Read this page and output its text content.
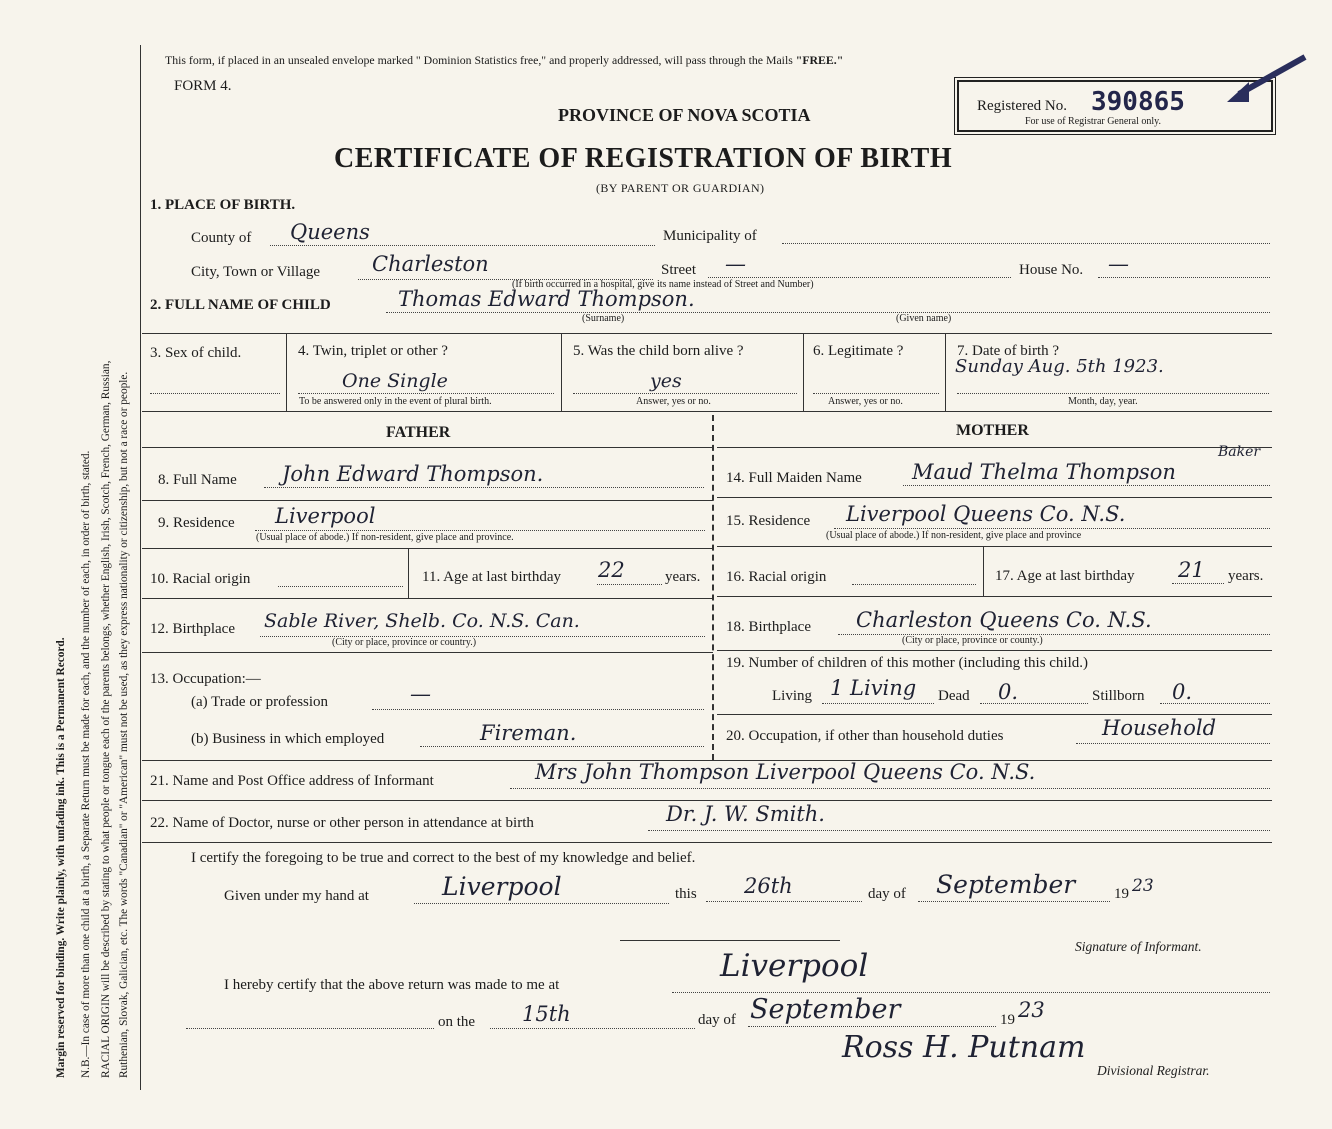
Margin reserved for binding. Write plainly, with unfading ink. This is a Permanent Record. N.B.—In case of more than one child at a birth, a Separate Return must be made for each, and the number of each, in order of birth, stated. RACIAL ORIGIN will be described by stating to what people or tongue each of the parents belongs, whether English, Irish, Scotch, French, German, Russian, Ruthenian, Slovak, Galician, etc. The words "Canadian" or "American" must not be used, as they express nationality or citizenship, but not a race or people.
This form, if placed in an unsealed envelope marked " Dominion Statistics free," and properly addressed, will pass through the Mails "FREE."
FORM 4.
PROVINCE OF NOVA SCOTIA
CERTIFICATE OF REGISTRATION OF BIRTH
(BY PARENT OR GUARDIAN)
Registered No. 390865
For use of Registrar General only.
1. PLACE OF BIRTH.
County of Queens	Municipality of
City, Town or Village Charleston	Street —	House No. —
(If birth occurred in a hospital, give its name instead of Street and Number)
2. FULL NAME OF CHILD	Thomas Edward Thompson.
(Surname)	(Given name)
3. Sex of child.	4. Twin, triplet or other ?
One Single
To be answered only in the event of plural birth.
5. Was the child born alive ?
yes
Answer, yes or no.
6. Legitimate ?
Answer, yes or no.
7. Date of birth ?
Sunday Aug. 5th 1923.
Month, day, year.
FATHER	MOTHER
8. Full Name John Edward Thompson.
9. Residence Liverpool
(Usual place of abode.) If non-resident, give place and province.
10. Racial origin	11. Age at last birthday 22	years.
12. Birthplace Sable River, Shelb. Co. N.S. Can.
(City or place, province or country.)
13. Occupation:—
(a) Trade or profession	—
(b) Business in which employed	Fireman.
14. Full Maiden Name Maud Thelma Thompson
Baker
15. Residence Liverpool Queens Co. N.S.
(Usual place of abode.) If non-resident, give place and province
16. Racial origin	17. Age at last birthday 21 years.
18. Birthplace Charleston Queens Co. N.S.
(City or place, province or county.)
19. Number of children of this mother (including this child.)
Living 1 Living Dead 0.	Stillborn 0.
20. Occupation, if other than household duties	Household
21. Name and Post Office address of Informant	Mrs John Thompson Liverpool Queens Co. N.S.
22. Name of Doctor, nurse or other person in attendance at birth	Dr. J. W. Smith.
I certify the foregoing to be true and correct to the best of my knowledge and belief.
Given under my hand at	Liverpool	this 26th	day of September	19 23
Signature of Informant.
I hereby certify that the above return was made to me at
Liverpool
on the 15th	day of September	19 23
Ross H. Putnam
Divisional Registrar.
